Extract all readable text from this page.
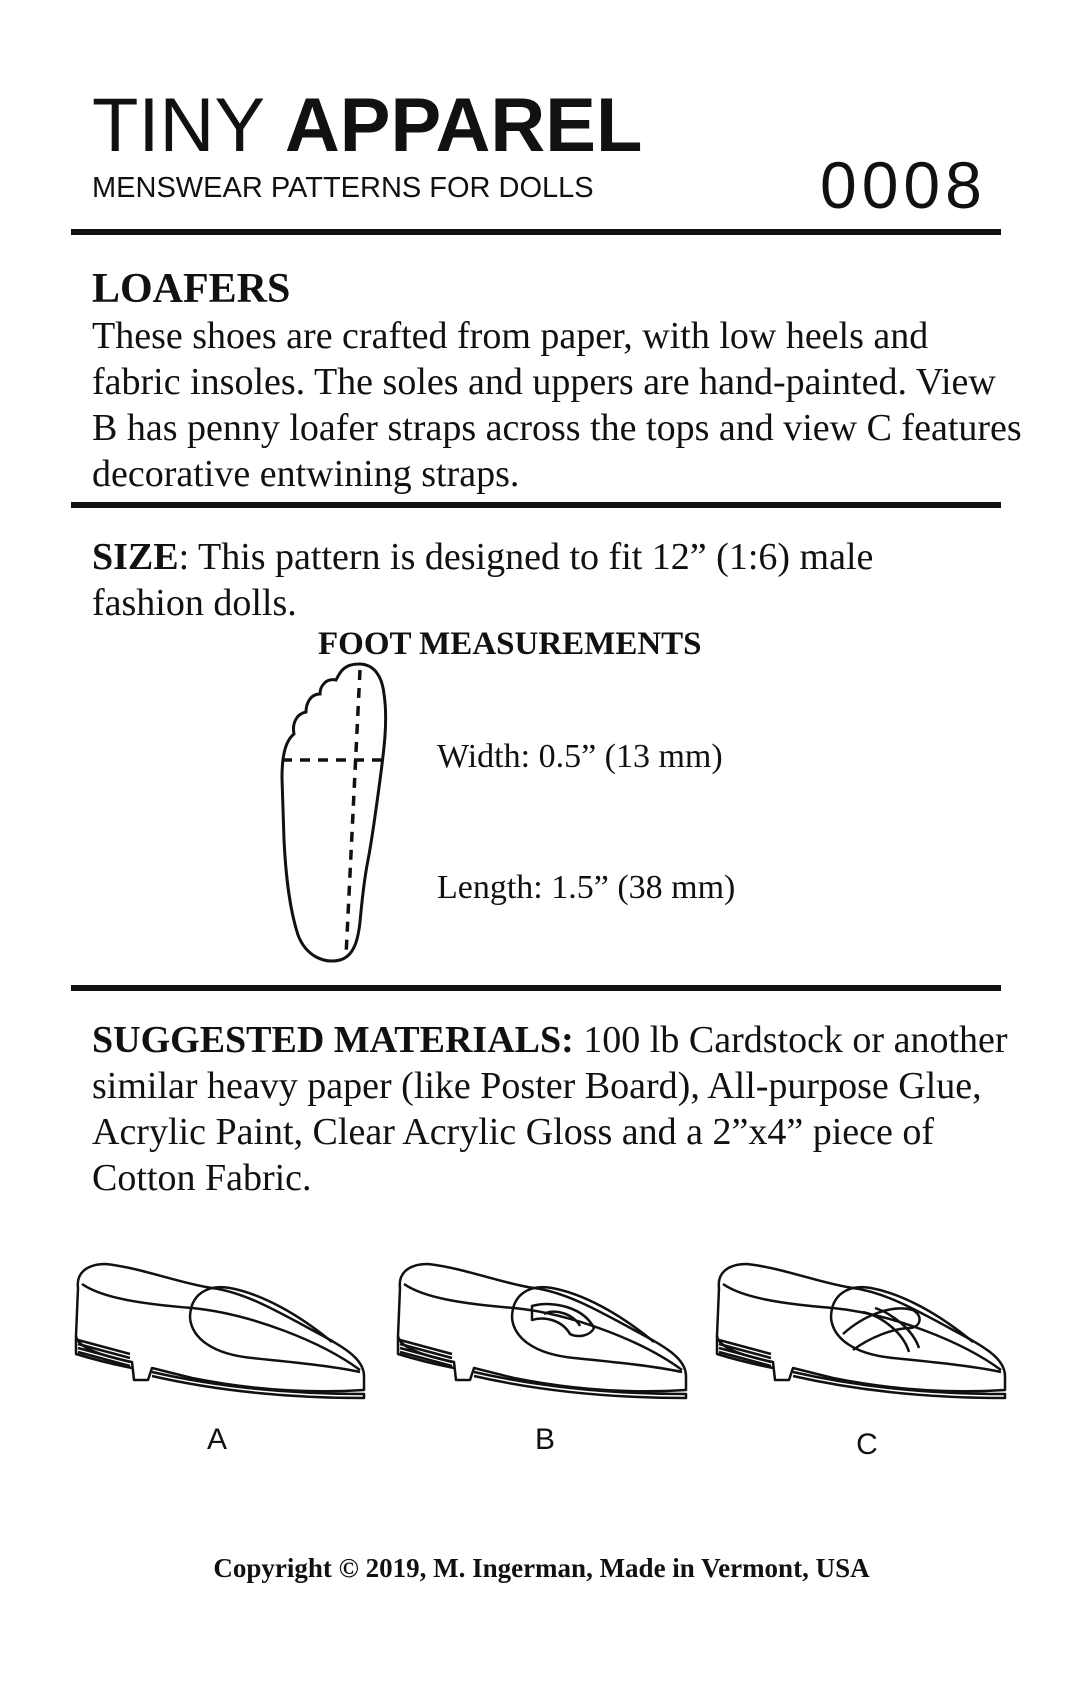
TINY APPAREL
MENSWEAR PATTERNS FOR DOLLS	0008
LOAFERS
These shoes are crafted from paper, with low heels and fabric insoles. The soles and uppers are hand-painted. View B has penny loafer straps across the tops and view C features decorative entwining straps.
SIZE: This pattern is designed to fit 12” (1:6) male fashion dolls.
FOOT MEASUREMENTS
Width: 0.5” (13 mm)
Length: 1.5” (38 mm)
SUGGESTED MATERIALS: 100 lb Cardstock or another similar heavy paper (like Poster Board), All-purpose Glue, Acrylic Paint, Clear Acrylic Gloss and a 2”x4” piece of Cotton Fabric.
A	B	C
Copyright © 2019, M. Ingerman, Made in Vermont, USA
